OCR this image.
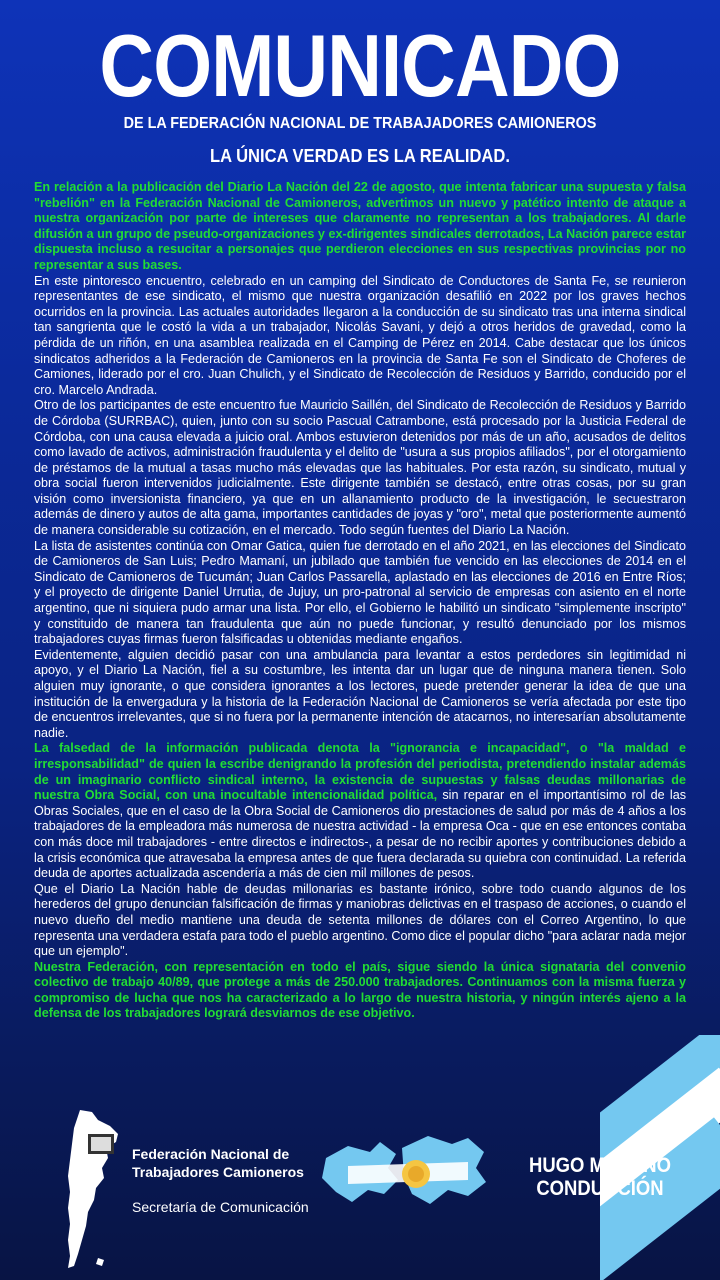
COMUNICADO
DE LA FEDERACIÓN NACIONAL DE TRABAJADORES CAMIONEROS
LA ÚNICA VERDAD ES LA REALIDAD.

En relación a la publicación del Diario La Nación del 22 de agosto, que intenta fabricar una supuesta y falsa "rebelión" en la Federación Nacional de Camioneros, advertimos un nuevo y patético intento de ataque a nuestra organización por parte de intereses que claramente no representan a los trabajadores. Al darle difusión a un grupo de pseudo-organizaciones y ex-dirigentes sindicales derrotados, La Nación parece estar dispuesta incluso a resucitar a personajes que perdieron elecciones en sus respectivas provincias por no representar a sus bases.

En este pintoresco encuentro, celebrado en un camping del Sindicato de Conductores de Santa Fe, se reunieron representantes de ese sindicato, el mismo que nuestra organización desafilió en 2022 por los graves hechos ocurridos en la provincia. Las actuales autoridades llegaron a la conducción de su sindicato tras una interna sindical tan sangrienta que le costó la vida a un trabajador, Nicolás Savani, y dejó a otros heridos de gravedad, como la pérdida de un riñón, en una asamblea realizada en el Camping de Pérez en 2014. Cabe destacar que los únicos sindicatos adheridos a la Federación de Camioneros en la provincia de Santa Fe son el Sindicato de Choferes de Camiones, liderado por el cro. Juan Chulich, y el Sindicato de Recolección de Residuos y Barrido, conducido por el cro. Marcelo Andrada.

Otro de los participantes de este encuentro fue Mauricio Saillén, del Sindicato de Recolección de Residuos y Barrido de Córdoba (SURRBAC), quien, junto con su socio Pascual Catrambone, está procesado por la Justicia Federal de Córdoba, con una causa elevada a juicio oral. Ambos estuvieron detenidos por más de un año, acusados de delitos como lavado de activos, administración fraudulenta y el delito de "usura a sus propios afiliados", por el otorgamiento de préstamos de la mutual a tasas mucho más elevadas que las habituales. Por esta razón, su sindicato, mutual y obra social fueron intervenidos judicialmente. Este dirigente también se destacó, entre otras cosas, por su gran visión como inversionista financiero, ya que en un allanamiento producto de la investigación, le secuestraron además de dinero y autos de alta gama, importantes cantidades de joyas y "oro", metal que posteriormente aumentó de manera considerable su cotización, en el mercado. Todo según fuentes del Diario La Nación.

La lista de asistentes continúa con Omar Gatica, quien fue derrotado en el año 2021, en las elecciones del Sindicato de Camioneros de San Luis; Pedro Mamaní, un jubilado que también fue vencido en las elecciones de 2014 en el Sindicato de Camioneros de Tucumán; Juan Carlos Passarella, aplastado en las elecciones de 2016 en Entre Ríos; y el proyecto de dirigente Daniel Urrutia, de Jujuy, un pro-patronal al servicio de empresas con asiento en el norte argentino, que ni siquiera pudo armar una lista. Por ello, el Gobierno le habilitó un sindicato "simplemente inscripto" y constituido de manera tan fraudulenta que aún no puede funcionar, y resultó denunciado por los mismos trabajadores cuyas firmas fueron falsificadas u obtenidas mediante engaños.

Evidentemente, alguien decidió pasar con una ambulancia para levantar a estos perdedores sin legitimidad ni apoyo, y el Diario La Nación, fiel a su costumbre, les intenta dar un lugar que de ninguna manera tienen. Solo alguien muy ignorante, o que considera ignorantes a los lectores, puede pretender generar la idea de que una institución de la envergadura y la historia de la Federación Nacional de Camioneros se vería afectada por este tipo de encuentros irrelevantes, que si no fuera por la permanente intención de atacarnos, no interesarían absolutamente nadie.

La falsedad de la información publicada denota la "ignorancia e incapacidad", o "la maldad e irresponsabilidad" de quien la escribe denigrando la profesión del periodista, pretendiendo instalar además de un imaginario conflicto sindical interno, la existencia de supuestas y falsas deudas millonarias de nuestra Obra Social, con una inocultable intencionalidad política, sin reparar en el importantísimo rol de las Obras Sociales, que en el caso de la Obra Social de Camioneros dio prestaciones de salud por más de 4 años a los trabajadores de la empleadora más numerosa de nuestra actividad - la empresa Oca - que en ese entonces contaba con más doce mil trabajadores - entre directos e indirectos-, a pesar de no recibir aportes y contribuciones debido a la crisis económica que atravesaba la empresa antes de que fuera declarada su quiebra con continuidad. La referida deuda de aportes actualizada ascendería a más de cien mil millones de pesos.

Que el Diario La Nación hable de deudas millonarias es bastante irónico, sobre todo cuando algunos de los herederos del grupo denuncian falsificación de firmas y maniobras delictivas en el traspaso de acciones, o cuando el nuevo dueño del medio mantiene una deuda de setenta millones de dólares con el Correo Argentino, lo que representa una verdadera estafa para todo el pueblo argentino. Como dice el popular dicho "para aclarar nada mejor que un ejemplo".

Nuestra Federación, con representación en todo el país, sigue siendo la única signataria del convenio colectivo de trabajo 40/89, que protege a más de 250.000 trabajadores. Continuamos con la misma fuerza y compromiso de lucha que nos ha caracterizado a lo largo de nuestra historia, y ningún interés ajeno a la defensa de los trabajadores logrará desviarnos de ese objetivo.

Federación Nacional de
Trabajadores Camioneros
Secretaría de Comunicación
HUGO MOYANO
CONDUCCIÓN
